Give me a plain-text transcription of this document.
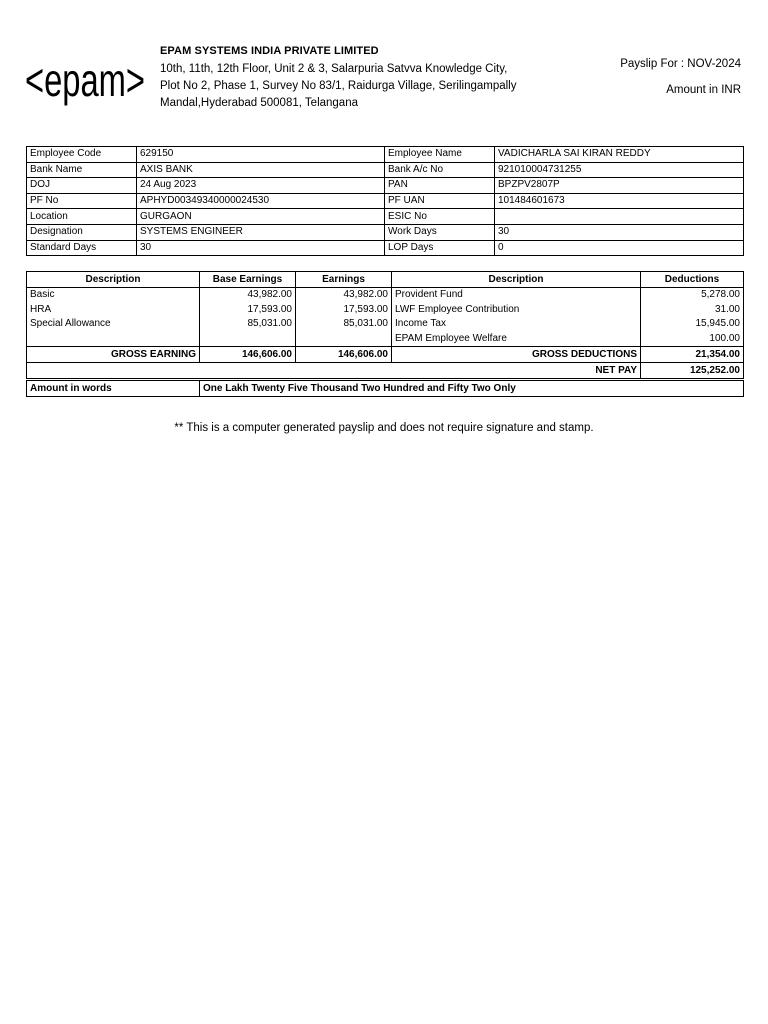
<epam>
EPAM SYSTEMS INDIA PRIVATE LIMITED
10th, 11th, 12th Floor, Unit 2 & 3, Salarpuria Satvva Knowledge City,
Plot No 2, Phase 1, Survey No 83/1, Raidurga Village, Serilingampally
Mandal,Hyderabad 500081, Telangana
Payslip For : NOV-2024
Amount in INR
Employee Code	629150	Employee Name	VADICHARLA SAI KIRAN REDDY
Bank Name	AXIS BANK	Bank A/c No	921010004731255
DOJ	24 Aug 2023	PAN	BPZPV2807P
PF No	APHYD00349340000024530	PF UAN	101484601673
Location	GURGAON	ESIC No	
Designation	SYSTEMS ENGINEER	Work Days	30
Standard Days	30	LOP Days	0
Description	Base Earnings	Earnings	Description	Deductions
Basic	43,982.00	43,982.00	Provident Fund	5,278.00
HRA	17,593.00	17,593.00	LWF Employee Contribution	31.00
Special Allowance	85,031.00	85,031.00	Income Tax	15,945.00
			EPAM Employee Welfare	100.00
GROSS EARNING	146,606.00	146,606.00	GROSS DEDUCTIONS	21,354.00
NET PAY				125,252.00
Amount in words	One Lakh Twenty Five Thousand Two Hundred and Fifty Two Only
** This is a computer generated payslip and does not require signature and stamp.
